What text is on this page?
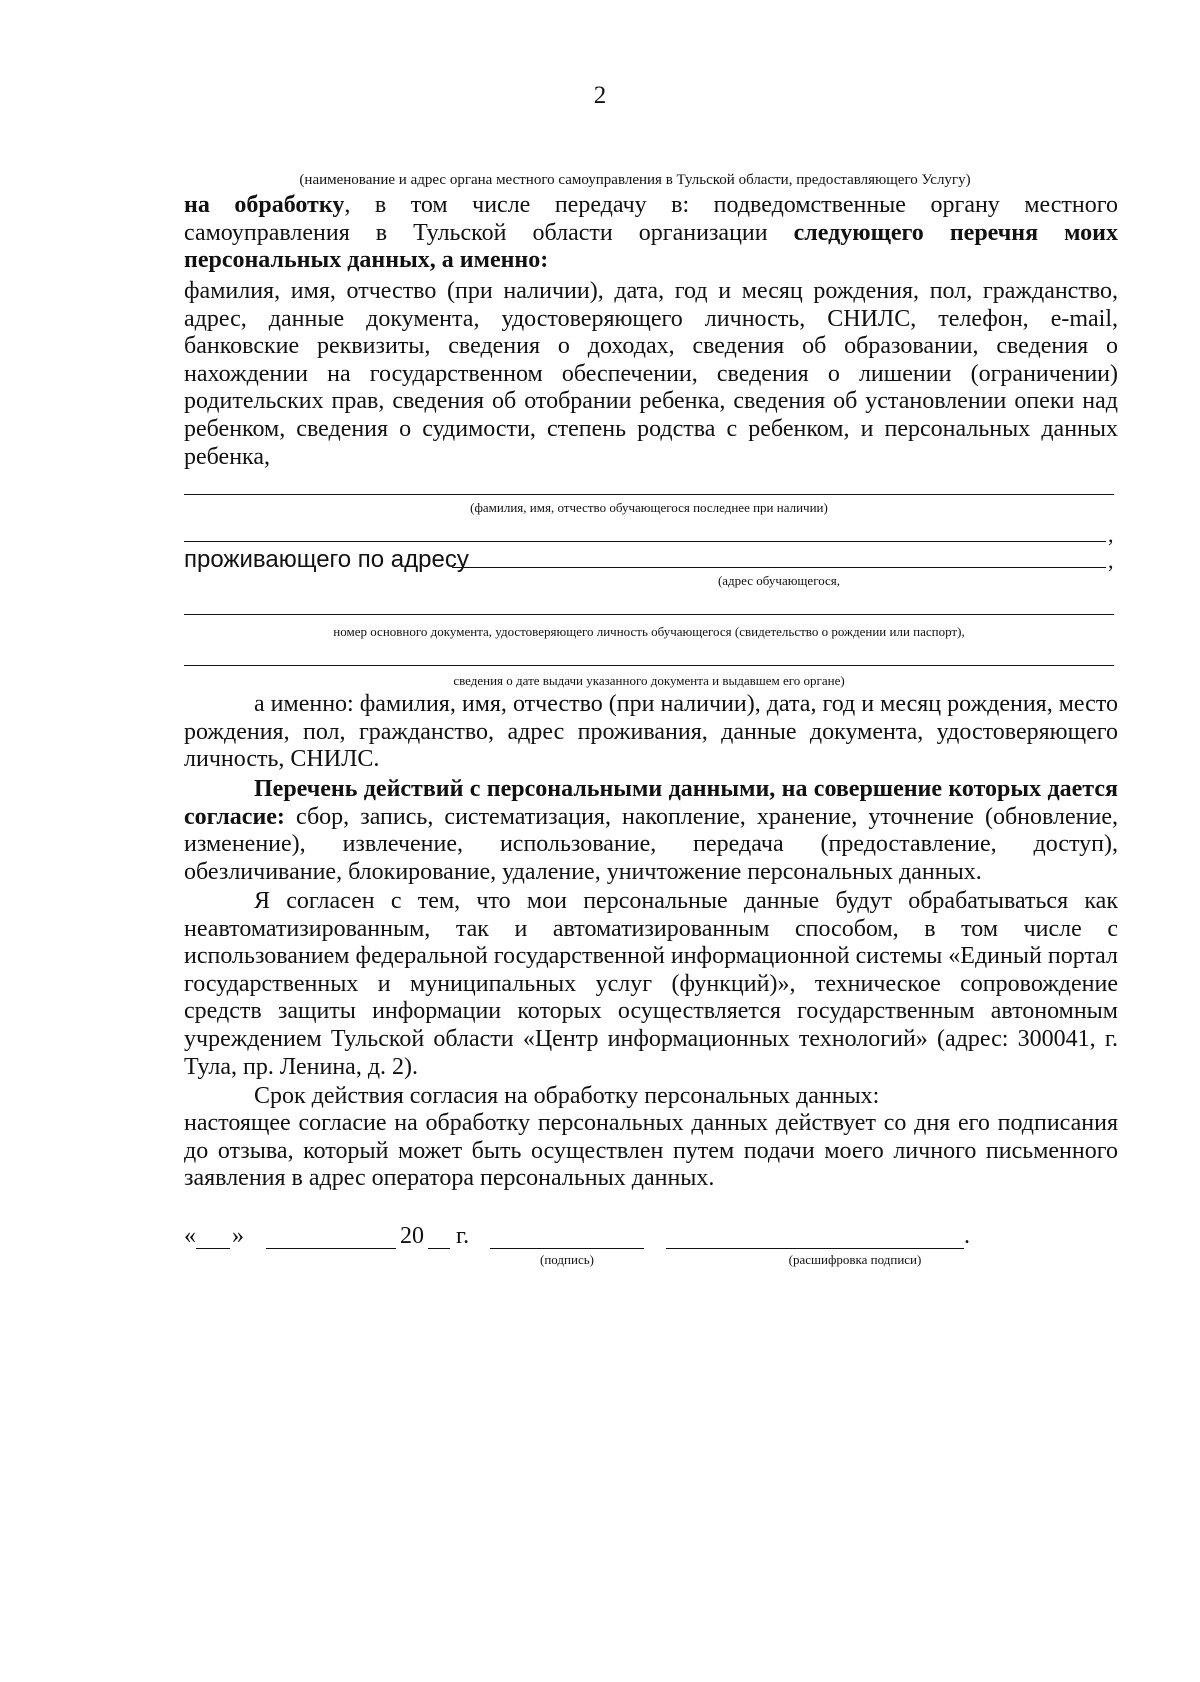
2
(наименование и адрес органа местного самоуправления в Тульской области, предоставляющего Услугу)

на обработку, в том числе передачу в: подведомственные органу местного самоуправления в Тульской области организации следующего перечня моих персональных данных, а именно:

фамилия, имя, отчество (при наличии), дата, год и месяц рождения, пол, гражданство, адрес, данные документа, удостоверяющего личность, СНИЛС, телефон, e-mail, банковские реквизиты, сведения о доходах, сведения об образовании, сведения о нахождении на государственном обеспечении, сведения о лишении (ограничении) родительских прав, сведения об отобрании ребенка, сведения об установлении опеки над ребенком, сведения о судимости, степень родства с ребенком, и персональных данных ребенка,

(фамилия, имя, отчество обучающегося последнее при наличии)
,
проживающего по адресу	,
(адрес обучающегося,
номер основного документа, удостоверяющего личность обучающегося (свидетельство о рождении или паспорт),
сведения о дате выдачи указанного документа и выдавшем его органе)

а именно: фамилия, имя, отчество (при наличии), дата, год и месяц рождения, место рождения, пол, гражданство, адрес проживания, данные документа, удостоверяющего личность, СНИЛС.

Перечень действий с персональными данными, на совершение которых дается согласие: сбор, запись, систематизация, накопление, хранение, уточнение (обновление, изменение), извлечение, использование, передача (предоставление, доступ), обезличивание, блокирование, удаление, уничтожение персональных данных.

Я согласен с тем, что мои персональные данные будут обрабатываться как неавтоматизированным, так и автоматизированным способом, в том числе с использованием федеральной государственной информационной системы «Единый портал государственных и муниципальных услуг (функций)», техническое сопровождение средств защиты информации которых осуществляется государственным автономным учреждением Тульской области «Центр информационных технологий» (адрес: 300041, г. Тула, пр. Ленина, д. 2).

Срок действия согласия на обработку персональных данных:

настоящее согласие на обработку персональных данных действует со дня его подписания до отзыва, который может быть осуществлен путем подачи моего личного письменного заявления в адрес оператора персональных данных.

« »	20 г.
(подпись)
.
(расшифровка подписи)
